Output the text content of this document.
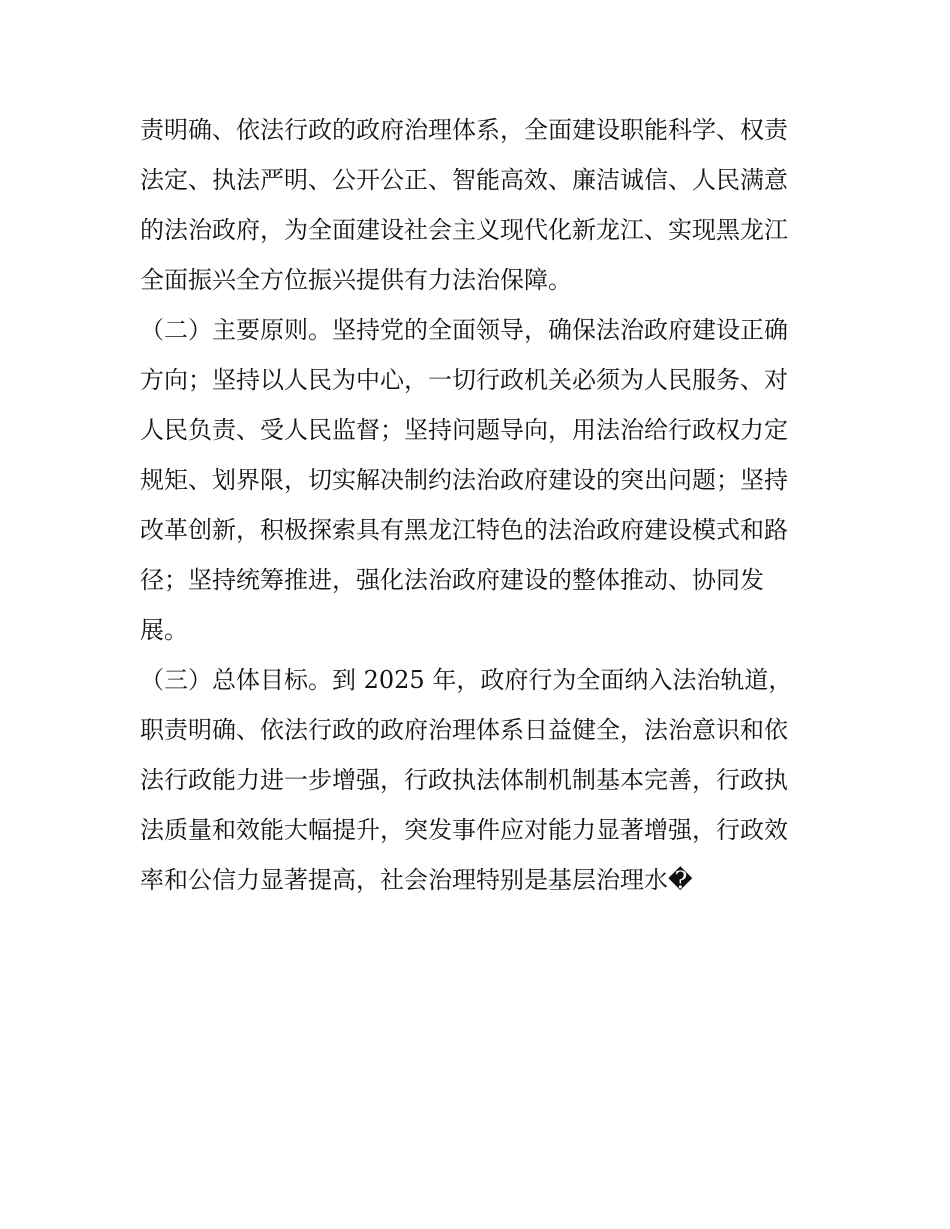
责明确、依法行政的政府治理体系，全面建设职能科学、权责
法定、执法严明、公开公正、智能高效、廉洁诚信、人民满意
的法治政府，为全面建设社会主义现代化新龙江、实现黑龙江
全面振兴全方位振兴提供有力法治保障。
（二）主要原则。坚持党的全面领导，确保法治政府建设正确
方向；坚持以人民为中心，一切行政机关必须为人民服务、对
人民负责、受人民监督；坚持问题导向，用法治给行政权力定
规矩、划界限，切实解决制约法治政府建设的突出问题；坚持
改革创新，积极探索具有黑龙江特色的法治政府建设模式和路
径；坚持统筹推进，强化法治政府建设的整体推动、协同发
展。
（三）总体目标。到 2025 年，政府行为全面纳入法治轨道，
职责明确、依法行政的政府治理体系日益健全，法治意识和依
法行政能力进一步增强，行政执法体制机制基本完善，行政执
法质量和效能大幅提升，突发事件应对能力显著增强，行政效
率和公信力显著提高，社会治理特别是基层治理水�
